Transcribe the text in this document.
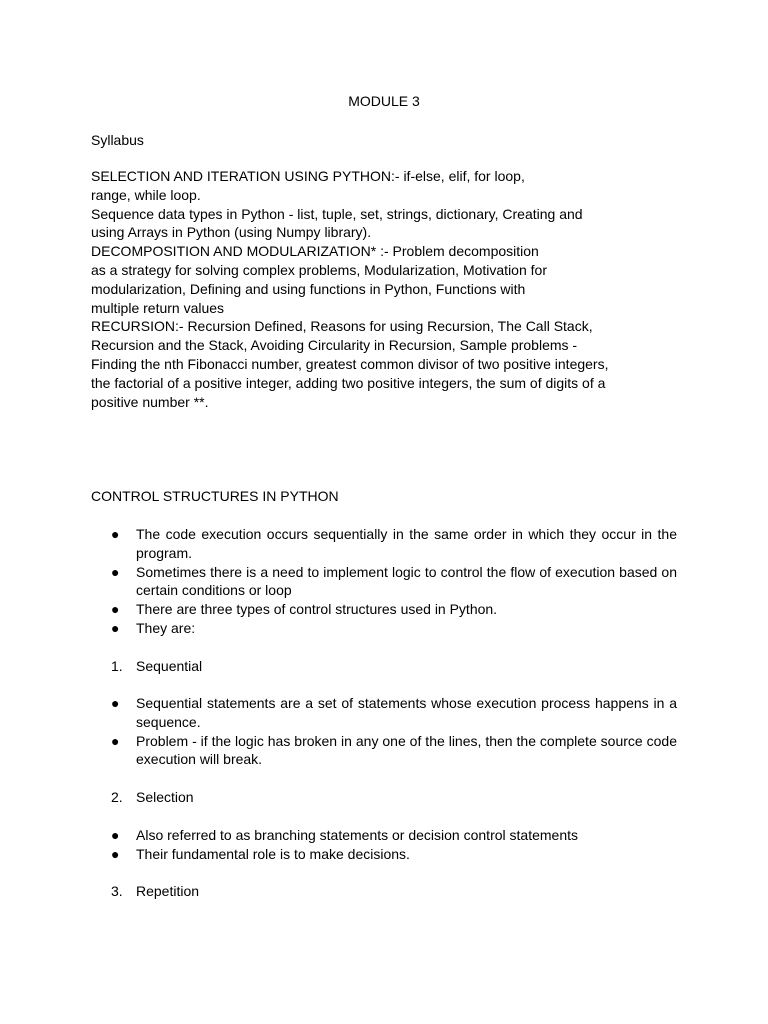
MODULE 3
Syllabus

SELECTION AND ITERATION USING PYTHON:- if-else, elif, for loop,

range, while loop.

Sequence data types in Python - list, tuple, set, strings, dictionary, Creating and

using Arrays in Python (using Numpy library).

DECOMPOSITION AND MODULARIZATION* :- Problem decomposition

as a strategy for solving complex problems, Modularization, Motivation for

modularization, Defining and using functions in Python, Functions with

multiple return values

RECURSION:- Recursion Defined, Reasons for using Recursion, The Call Stack,

Recursion and the Stack, Avoiding Circularity in Recursion, Sample problems -

Finding the nth Fibonacci number, greatest common divisor of two positive integers,

the factorial of a positive integer, adding two positive integers, the sum of digits of a

positive number **.

CONTROL STRUCTURES IN PYTHON
● The code execution occurs sequentially in the same order in which they occur in the program.
● Sometimes there is a need to implement logic to control the flow of execution based on certain conditions or loop
● There are three types of control structures used in Python.
● They are:
1. Sequential
● Sequential statements are a set of statements whose execution process happens in a sequence.
● Problem - if the logic has broken in any one of the lines, then the complete source code execution will break.
2. Selection
● Also referred to as branching statements or decision control statements
● Their fundamental role is to make decisions.
3. Repetition
